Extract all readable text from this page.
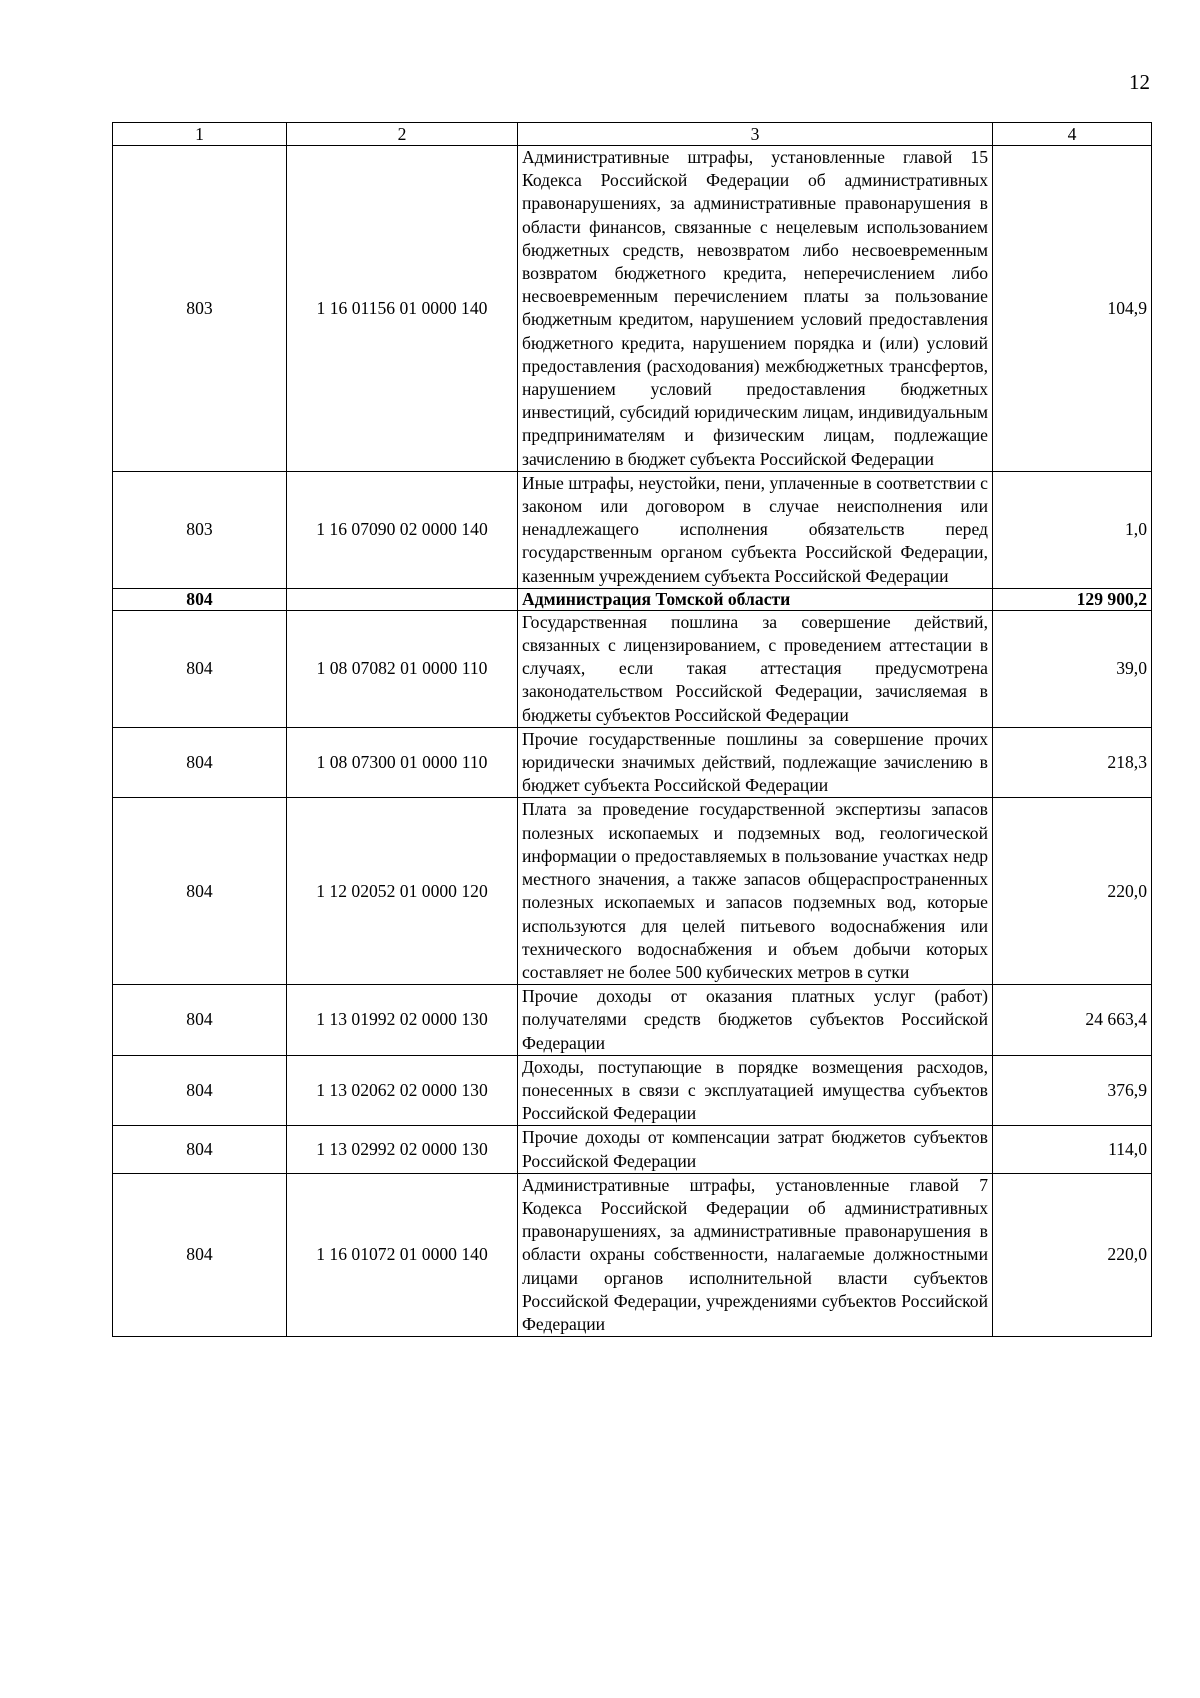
12
1	2	3	4
803	1 16 01156 01 0000 140	Административные штрафы, установленные главой 15 Кодекса Российской Федерации об административных правонарушениях, за административные правонарушения в области финансов, связанные с нецелевым использованием бюджетных средств, невозвратом либо несвоевременным возвратом бюджетного кредита, неперечислением либо несвоевременным перечислением платы за пользование бюджетным кредитом, нарушением условий предоставления бюджетного кредита, нарушением порядка и (или) условий предоставления (расходования) межбюджетных трансфертов, нарушением условий предоставления бюджетных инвестиций, субсидий юридическим лицам, индивидуальным предпринимателям и физическим лицам, подлежащие зачислению в бюджет субъекта Российской Федерации	104,9
803	1 16 07090 02 0000 140	Иные штрафы, неустойки, пени, уплаченные в соответствии с законом или договором в случае неисполнения или ненадлежащего исполнения обязательств перед государственным органом субъекта Российской Федерации, казенным учреждением субъекта Российской Федерации	1,0
804		Администрация Томской области	129 900,2
804	1 08 07082 01 0000 110	Государственная пошлина за совершение действий, связанных с лицензированием, с проведением аттестации в случаях, если такая аттестация предусмотрена законодательством Российской Федерации, зачисляемая в бюджеты субъектов Российской Федерации	39,0
804	1 08 07300 01 0000 110	Прочие государственные пошлины за совершение прочих юридически значимых действий, подлежащие зачислению в бюджет субъекта Российской Федерации	218,3
804	1 12 02052 01 0000 120	Плата за проведение государственной экспертизы запасов полезных ископаемых и подземных вод, геологической информации о предоставляемых в пользование участках недр местного значения, а также запасов общераспространенных полезных ископаемых и запасов подземных вод, которые используются для целей питьевого водоснабжения или технического водоснабжения и объем добычи которых составляет не более 500 кубических метров в сутки	220,0
804	1 13 01992 02 0000 130	Прочие доходы от оказания платных услуг (работ) получателями средств бюджетов субъектов Российской Федерации	24 663,4
804	1 13 02062 02 0000 130	Доходы, поступающие в порядке возмещения расходов, понесенных в связи с эксплуатацией имущества субъектов Российской Федерации	376,9
804	1 13 02992 02 0000 130	Прочие доходы от компенсации затрат бюджетов субъектов Российской Федерации	114,0
804	1 16 01072 01 0000 140	Административные штрафы, установленные главой 7 Кодекса Российской Федерации об административных правонарушениях, за административные правонарушения в области охраны собственности, налагаемые должностными лицами органов исполнительной власти субъектов Российской Федерации, учреждениями субъектов Российской Федерации	220,0
